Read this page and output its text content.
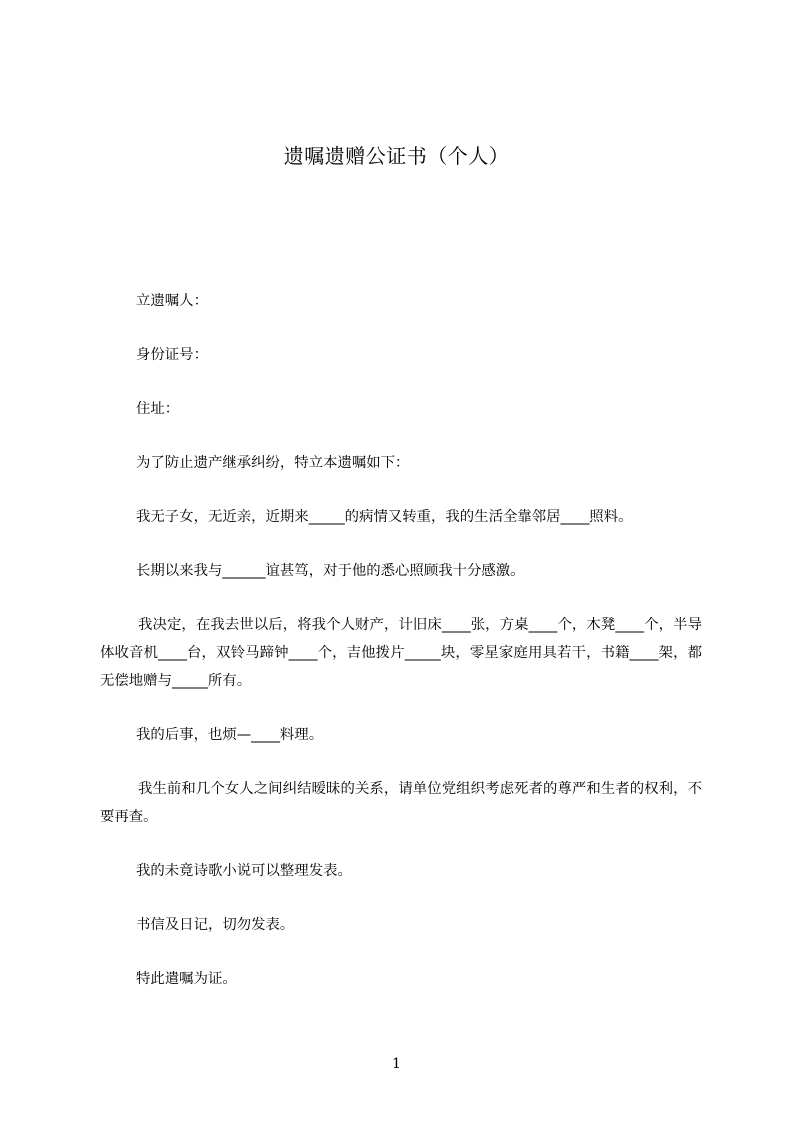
遗嘱遗赠公证书（个人）

立遗嘱人：

身份证号：

住址：

为了防止遗产继承纠纷，特立本遗嘱如下：

我无子女，无近亲，近期来_____的病情又转重，我的生活全靠邻居____照料。

长期以来我与______谊甚笃，对于他的悉心照顾我十分感激。

我决定，在我去世以后，将我个人财产，计旧床____张，方桌____个，木凳____个，半导体收音机____台，双铃马蹄钟____个，吉他拨片_____块，零星家庭用具若干，书籍____架，都无偿地赠与_____所有。

我的后事，也烦—____料理。

我生前和几个女人之间纠结暧昧的关系，请单位党组织考虑死者的尊严和生者的权利，不要再查。

我的未竟诗歌小说可以整理发表。

书信及日记，切勿发表。

特此遣嘱为证。

1
